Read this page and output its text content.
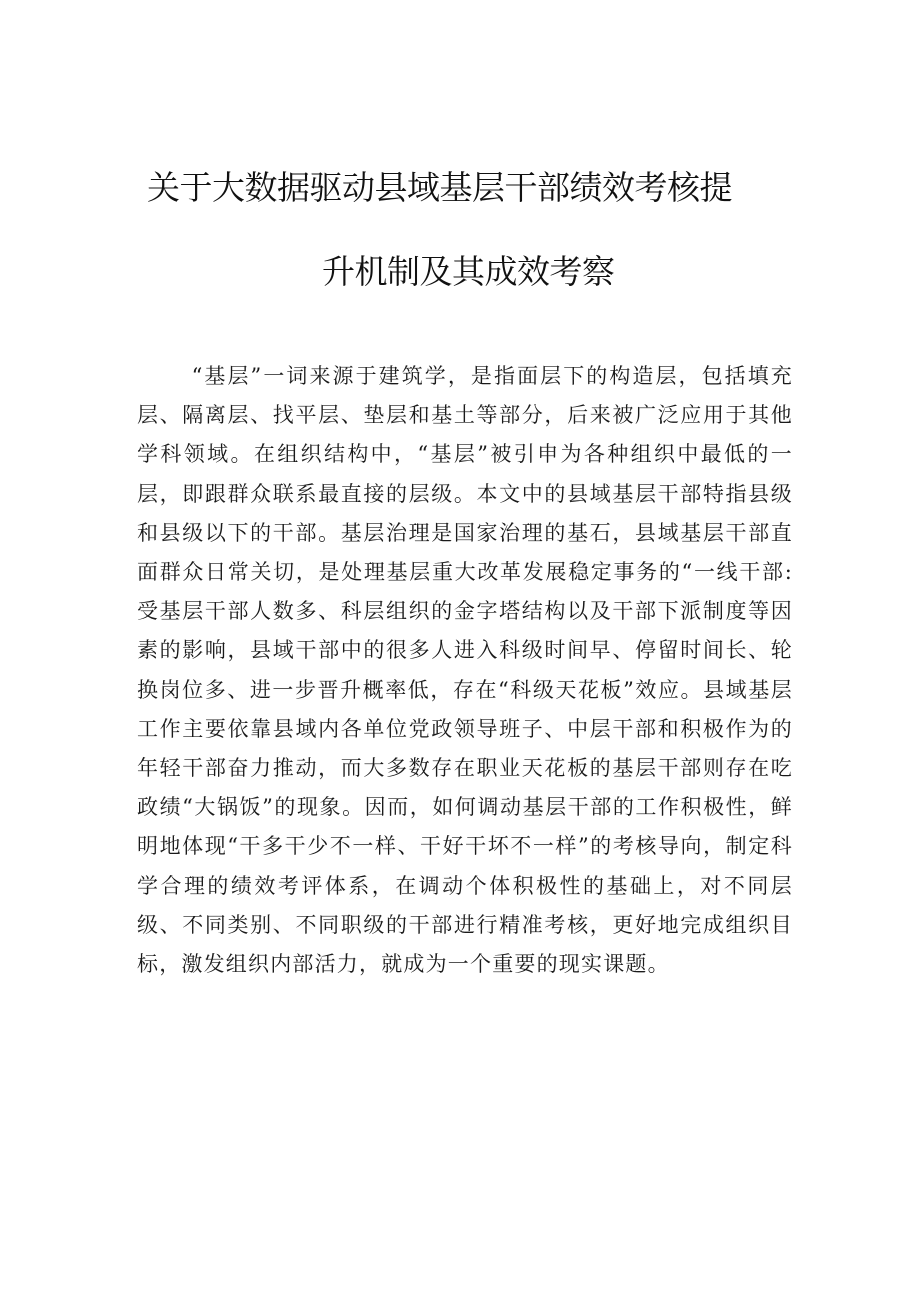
关于大数据驱动县域基层干部绩效考核提
升机制及其成效考察

“基层”一词来源于建筑学，是指面层下的构造层，包括填充层、隔离层、找平层、垫层和基土等部分，后来被广泛应用于其他学科领域。在组织结构中，“基层”被引申为各种组织中最低的一层，即跟群众联系最直接的层级。本文中的县域基层干部特指县级和县级以下的干部。基层治理是国家治理的基石，县域基层干部直面群众日常关切，是处理基层重大改革发展稳定事务的“一线干部:受基层干部人数多、科层组织的金字塔结构以及干部下派制度等因素的影响，县域干部中的很多人进入科级时间早、停留时间长、轮换岗位多、进一步晋升概率低，存在“科级天花板”效应。县域基层工作主要依靠县域内各单位党政领导班子、中层干部和积极作为的年轻干部奋力推动，而大多数存在职业天花板的基层干部则存在吃政绩“大锅饭”的现象。因而，如何调动基层干部的工作积极性，鲜明地体现“干多干少不一样、干好干坏不一样”的考核导向，制定科学合理的绩效考评体系，在调动个体积极性的基础上，对不同层级、不同类别、不同职级的干部进行精准考核，更好地完成组织目标，激发组织内部活力，就成为一个重要的现实课题。
